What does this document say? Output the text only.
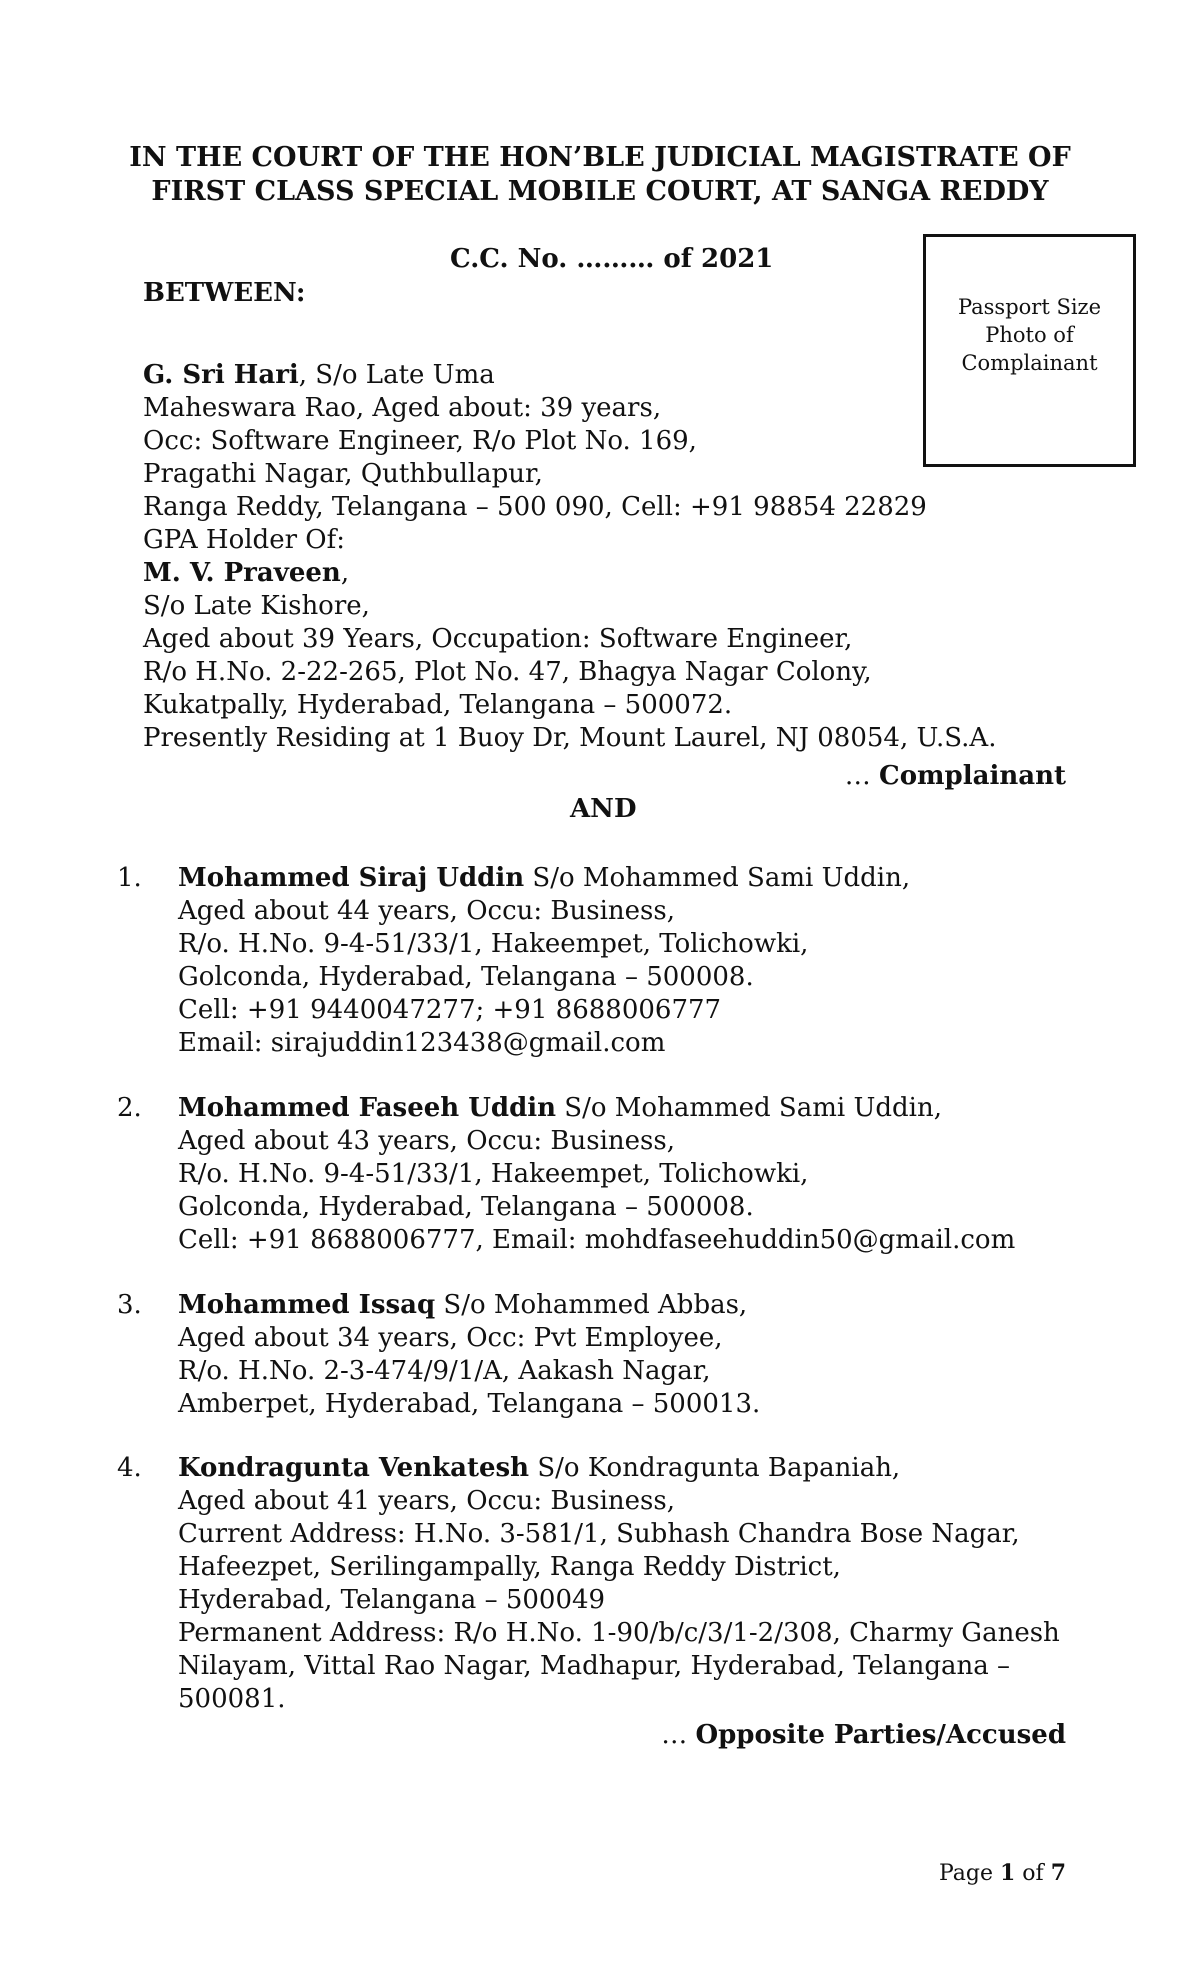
IN THE COURT OF THE HON’BLE JUDICIAL MAGISTRATE OF
FIRST CLASS SPECIAL MOBILE COURT, AT SANGA REDDY
C.C. No. ……… of 2021
BETWEEN:	Passport Size
Photo of
Complainant
G. Sri Hari, S/o Late Uma
Maheswara Rao, Aged about: 39 years,
Occ: Software Engineer, R/o Plot No. 169,
Pragathi Nagar, Quthbullapur,
Ranga Reddy, Telangana – 500 090, Cell: +91 98854 22829
GPA Holder Of:
M. V. Praveen,
S/o Late Kishore,
Aged about 39 Years, Occupation: Software Engineer,
R/o H.No. 2-22-265, Plot No. 47, Bhagya Nagar Colony,
Kukatpally, Hyderabad, Telangana – 500072.
Presently Residing at 1 Buoy Dr, Mount Laurel, NJ 08054, U.S.A.
… Complainant
AND
1. Mohammed Siraj Uddin S/o Mohammed Sami Uddin,
Aged about 44 years, Occu: Business,
R/o. H.No. 9-4-51/33/1, Hakeempet, Tolichowki,
Golconda, Hyderabad, Telangana – 500008.
Cell: +91 9440047277; +91 8688006777
Email: sirajuddin123438@gmail.com
2. Mohammed Faseeh Uddin S/o Mohammed Sami Uddin,
Aged about 43 years, Occu: Business,
R/o. H.No. 9-4-51/33/1, Hakeempet, Tolichowki,
Golconda, Hyderabad, Telangana – 500008.
Cell: +91 8688006777, Email: mohdfaseehuddin50@gmail.com
3. Mohammed Issaq S/o Mohammed Abbas,
Aged about 34 years, Occ: Pvt Employee,
R/o. H.No. 2-3-474/9/1/A, Aakash Nagar,
Amberpet, Hyderabad, Telangana – 500013.
4. Kondragunta Venkatesh S/o Kondragunta Bapaniah,
Aged about 41 years, Occu: Business,
Current Address: H.No. 3-581/1, Subhash Chandra Bose Nagar,
Hafeezpet, Serilingampally, Ranga Reddy District,
Hyderabad, Telangana – 500049
Permanent Address: R/o H.No. 1-90/b/c/3/1-2/308, Charmy Ganesh
Nilayam, Vittal Rao Nagar, Madhapur, Hyderabad, Telangana –
500081.
… Opposite Parties/Accused
Page 1 of 7
